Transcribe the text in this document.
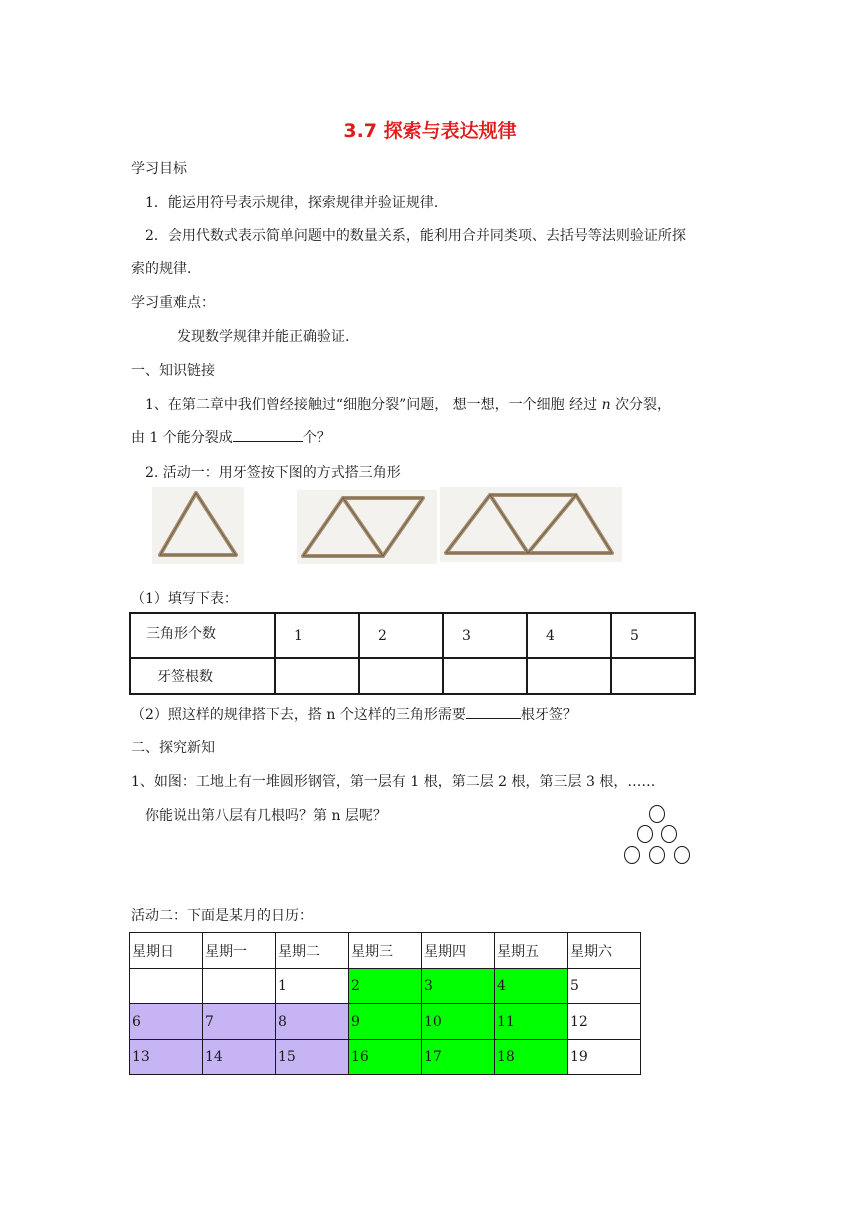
3.7 探索与表达规律
学习目标
1．能运用符号表示规律，探索规律并验证规律.
2．会用代数式表示简单问题中的数量关系，能利用合并同类项、去括号等法则验证所探
索的规律.
学习重难点：
发现数学规律并能正确验证.
一、知识链接
1、在第二章中我们曾经接触过“细胞分裂”问题， 想一想，一个细胞 经过 n 次分裂，
由 1 个能分裂成	个？
2. 活动一：用牙签按下图的方式搭三角形
（1）填写下表：
三角形个数	1	2	3	4	5
牙签根数					
（2）照这样的规律搭下去，搭 n 个这样的三角形需要	根牙签？
二、探究新知
1、如图：工地上有一堆圆形钢管，第一层有 1 根，第二层 2 根，第三层 3 根，……
你能说出第八层有几根吗？第 n 层呢？
活动二：下面是某月的日历：
星期日	星期一	星期二	星期三	星期四	星期五	星期六
		1	2	3	4	5
6	7	8	9	10	11	12
13	14	15	16	17	18	19
